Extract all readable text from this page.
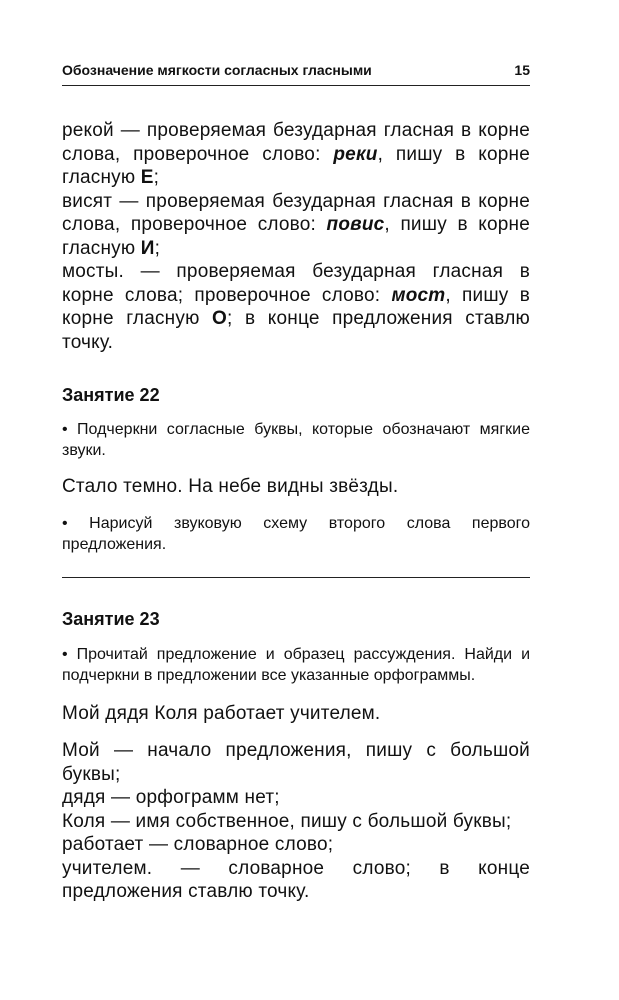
Обозначение мягкости согласных гласными	15

рекой — проверяемая безударная гласная в корне слова, проверочное слово: реки, пишу в корне гласную Е;

висят — проверяемая безударная гласная в корне слова, проверочное слово: повис, пишу в корне гласную И;

мосты. — проверяемая безударная гласная в корне слова; проверочное слово: мост, пишу в корне гласную О; в конце предложения ставлю точку.

Занятие 22

• Подчеркни согласные буквы, которые обозначают мягкие звуки.

Стало темно. На небе видны звёзды.

• Нарисуй звуковую схему второго слова первого предложения.

Занятие 23

• Прочитай предложение и образец рассуждения. Найди и подчеркни в предложении все указанные орфограммы.

Мой дядя Коля работает учителем.

Мой — начало предложения, пишу с большой буквы;

дядя — орфограмм нет;

Коля — имя собственное, пишу с большой буквы;

работает — словарное слово;

учителем. — словарное слово; в конце предложения ставлю точку.
